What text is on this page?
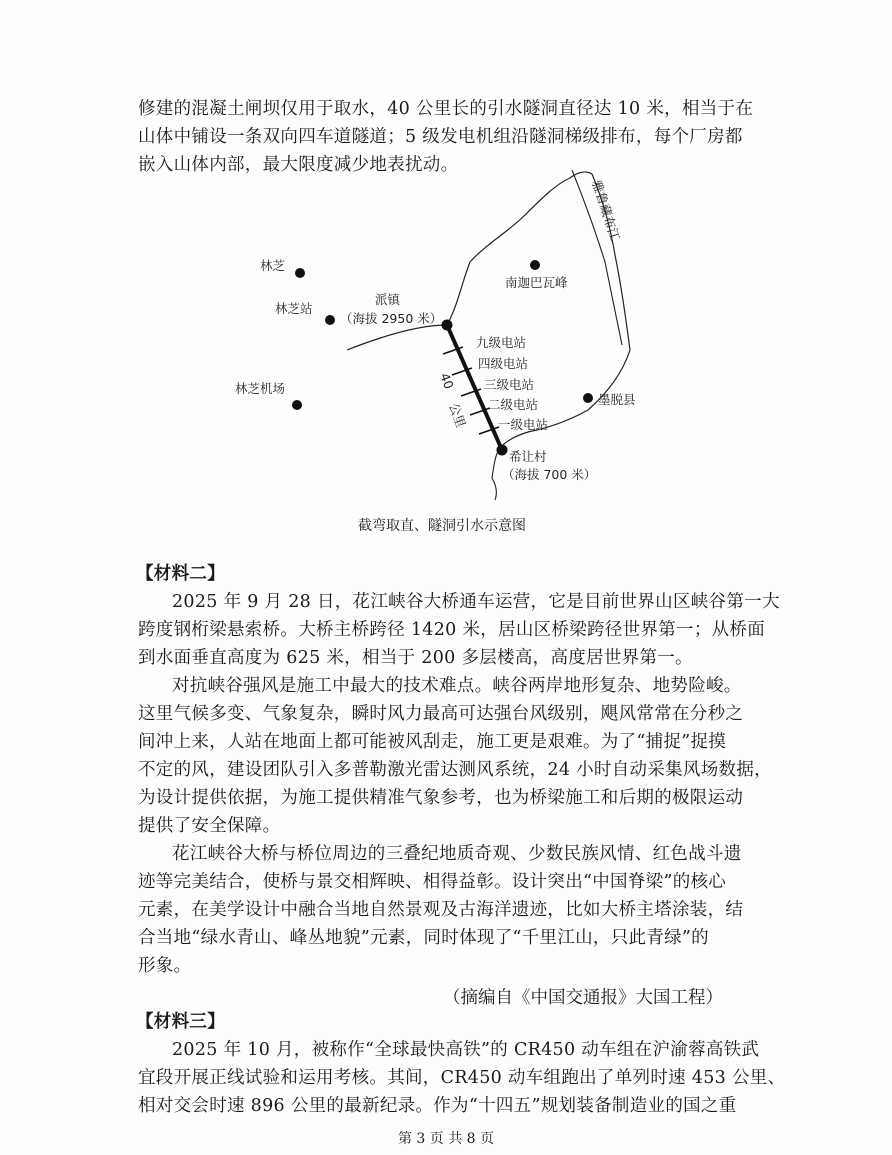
修建的混凝土闸坝仅用于取水，40 公里长的引水隧洞直径达 10 米，相当于在
山体中铺设一条双向四车道隧道；5 级发电机组沿隧洞梯级排布，每个厂房都
嵌入山体内部，最大限度减少地表扰动。
林芝
林芝站
林芝机场
派镇
（海拔 2950 米）
南迦巴瓦峰
墨脱县
希让村
（海拔 700 米）
九级电站
四级电站
三级电站
二级电站
一级电站
40
公里
雅鲁藏布江
截弯取直、隧洞引水示意图
【材料二】
2025 年 9 月 28 日，花江峡谷大桥通车运营，它是目前世界山区峡谷第一大
跨度钢桁梁悬索桥。大桥主桥跨径 1420 米，居山区桥梁跨径世界第一；从桥面
到水面垂直高度为 625 米，相当于 200 多层楼高，高度居世界第一。
对抗峡谷强风是施工中最大的技术难点。峡谷两岸地形复杂、地势险峻。
这里气候多变、气象复杂，瞬时风力最高可达强台风级别，飓风常常在分秒之
间冲上来，人站在地面上都可能被风刮走，施工更是艰难。为了“捕捉”捉摸
不定的风，建设团队引入多普勒激光雷达测风系统，24 小时自动采集风场数据，
为设计提供依据，为施工提供精准气象参考，也为桥梁施工和后期的极限运动
提供了安全保障。
花江峡谷大桥与桥位周边的三叠纪地质奇观、少数民族风情、红色战斗遗
迹等完美结合，使桥与景交相辉映、相得益彰。设计突出“中国脊梁”的核心
元素，在美学设计中融合当地自然景观及古海洋遗迹，比如大桥主塔涂装，结
合当地“绿水青山、峰丛地貌”元素，同时体现了“千里江山，只此青绿”的
形象。
（摘编自《中国交通报》大国工程）
【材料三】
2025 年 10 月，被称作“全球最快高铁”的 CR450 动车组在沪渝蓉高铁武
宜段开展正线试验和运用考核。其间，CR450 动车组跑出了单列时速 453 公里、
相对交会时速 896 公里的最新纪录。作为“十四五”规划装备制造业的国之重
第 3 页 共 8 页
